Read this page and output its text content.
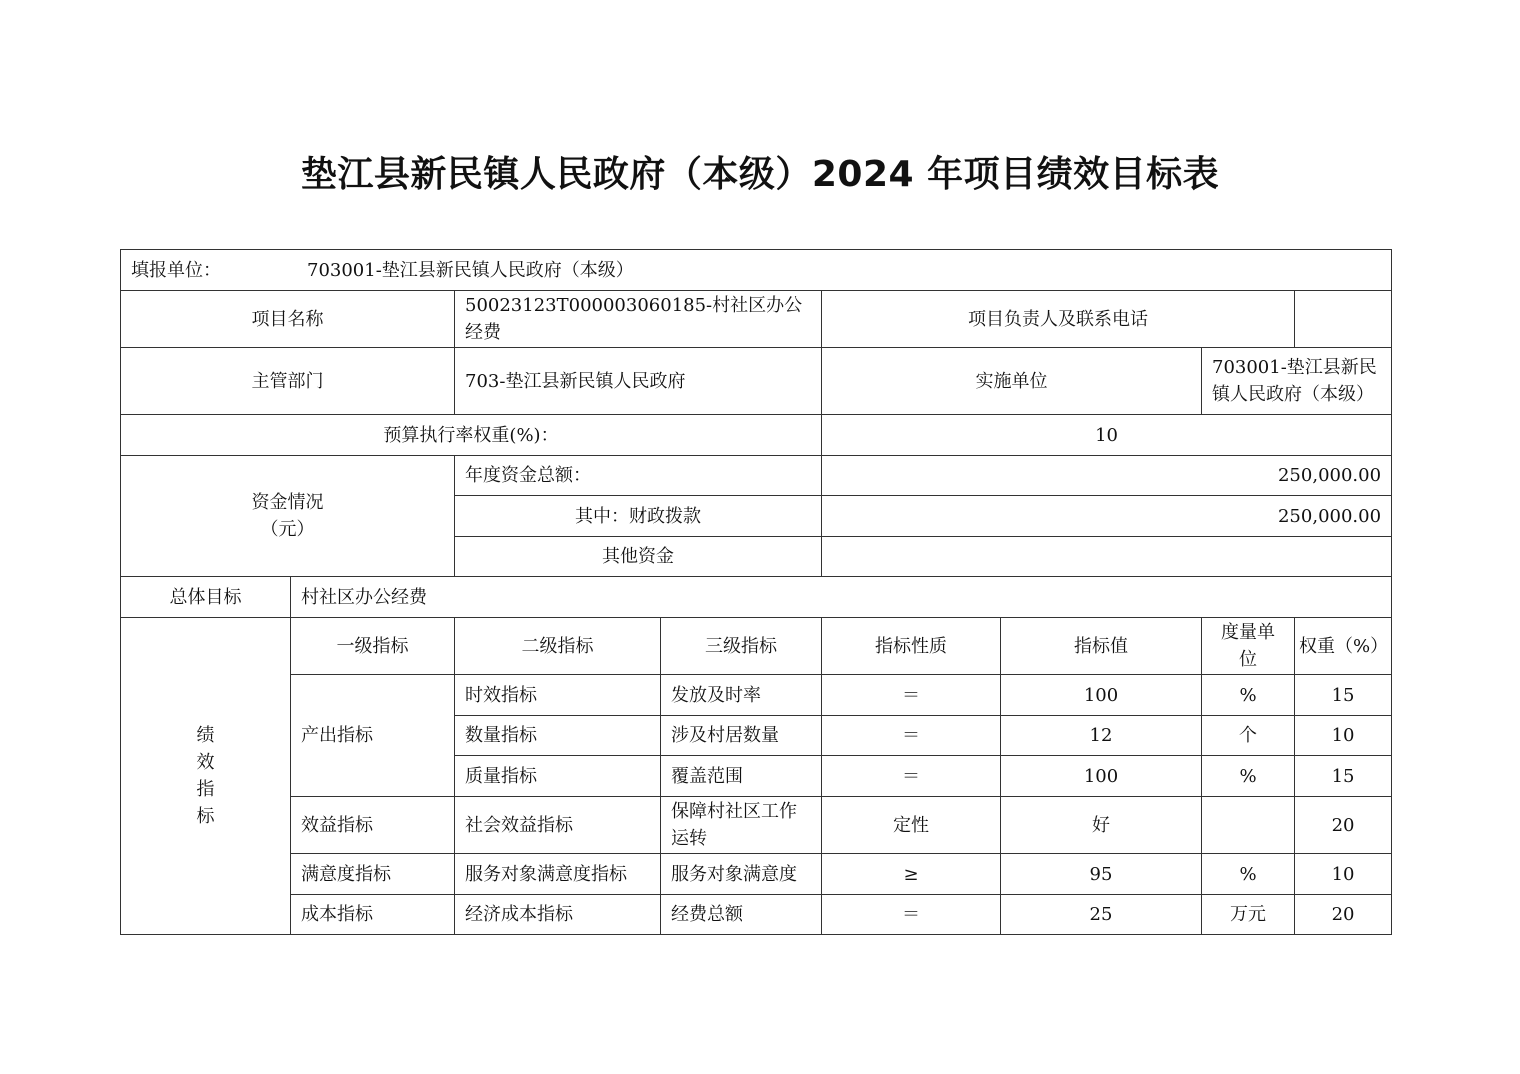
垫江县新民镇人民政府（本级）2024 年项目绩效目标表
填报单位： 703001-垫江县新民镇人民政府（本级）							
项目名称		50023123T000003060185-村社区办公经费		项目负责人及联系电话			
主管部门		703-垫江县新民镇人民政府		实施单位		703001-垫江县新民镇人民政府（本级）	
预算执行率权重(%)：				10			

资金情况
（元）		年度资金总额：		250,000.00			
		其中：财政拨款		250,000.00			
		其他资金					
总体目标	村社区办公经费						

绩
效
指
标	一级指标	二级指标	三级指标	指标性质	指标值	度量单位	权重（%）
	产出指标	时效指标	发放及时率	＝	100	%	15
		数量指标	涉及村居数量	＝	12	个	10
		质量指标	覆盖范围	＝	100	%	15
	效益指标	社会效益指标	保障村社区工作运转	定性	好		20
	满意度指标	服务对象满意度指标	服务对象满意度	≥	95	%	10
	成本指标	经济成本指标	经费总额	＝	25	万元	20
